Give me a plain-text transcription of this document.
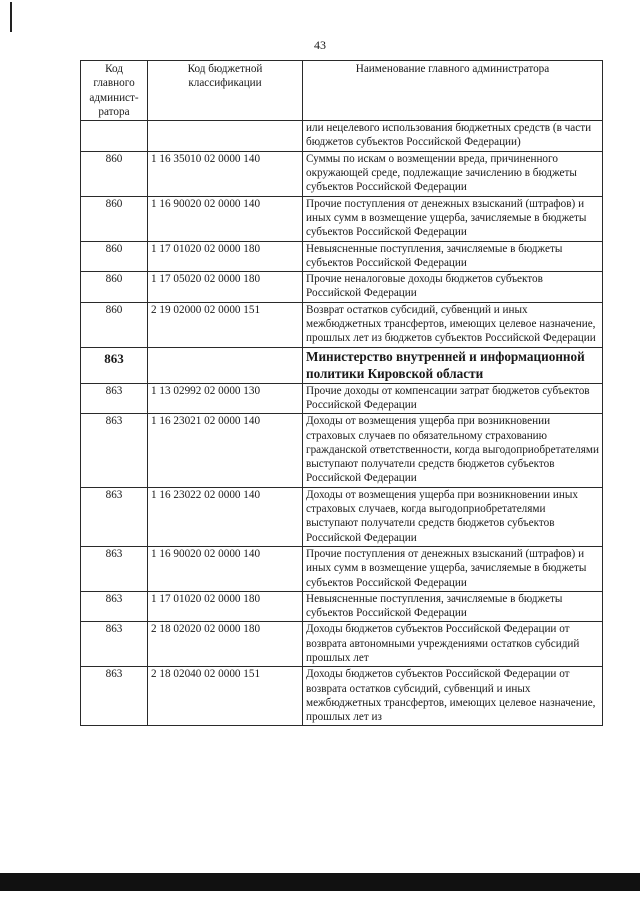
43
Код главного админист-ратора	Код бюджетной классификации	Наименование главного администратора
		или нецелевого использования бюджетных средств (в части бюджетов субъектов Российской Федерации)
860	1 16 35010 02 0000 140	Суммы по искам о возмещении вреда, причиненного окружающей среде, подлежащие зачислению в бюджеты субъектов Российской Федерации
860	1 16 90020 02 0000 140	Прочие поступления от денежных взысканий (штрафов) и иных сумм в возмещение ущерба, зачисляемые в бюджеты субъектов Российской Федерации
860	1 17 01020 02 0000 180	Невыясненные поступления, зачисляемые в бюджеты субъектов Российской Федерации
860	1 17 05020 02 0000 180	Прочие неналоговые доходы бюджетов субъектов Российской Федерации
860	2 19 02000 02 0000 151	Возврат остатков субсидий, субвенций и иных межбюджетных трансфертов, имеющих целевое назначение, прошлых лет из бюджетов субъектов Российской Федерации
863		Министерство внутренней и информационной политики Кировской области
863	1 13 02992 02 0000 130	Прочие доходы от компенсации затрат бюджетов субъектов Российской Федерации
863	1 16 23021 02 0000 140	Доходы от возмещения ущерба при возникновении страховых случаев по обязательному страхованию гражданской ответственности, когда выгодоприобретателями выступают получатели средств бюджетов субъектов Российской Федерации
863	1 16 23022 02 0000 140	Доходы от возмещения ущерба при возникновении иных страховых случаев, когда выгодоприобретателями выступают получатели средств бюджетов субъектов Российской Федерации
863	1 16 90020 02 0000 140	Прочие поступления от денежных взысканий (штрафов) и иных сумм в возмещение ущерба, зачисляемые в бюджеты субъектов Российской Федерации
863	1 17 01020 02 0000 180	Невыясненные поступления, зачисляемые в бюджеты субъектов Российской Федерации
863	2 18 02020 02 0000 180	Доходы бюджетов субъектов Российской Федерации от возврата автономными учреждениями остатков субсидий прошлых лет
863	2 18 02040 02 0000 151	Доходы бюджетов субъектов Российской Федерации от возврата остатков субсидий, субвенций и иных межбюджетных трансфертов, имеющих целевое назначение, прошлых лет из
